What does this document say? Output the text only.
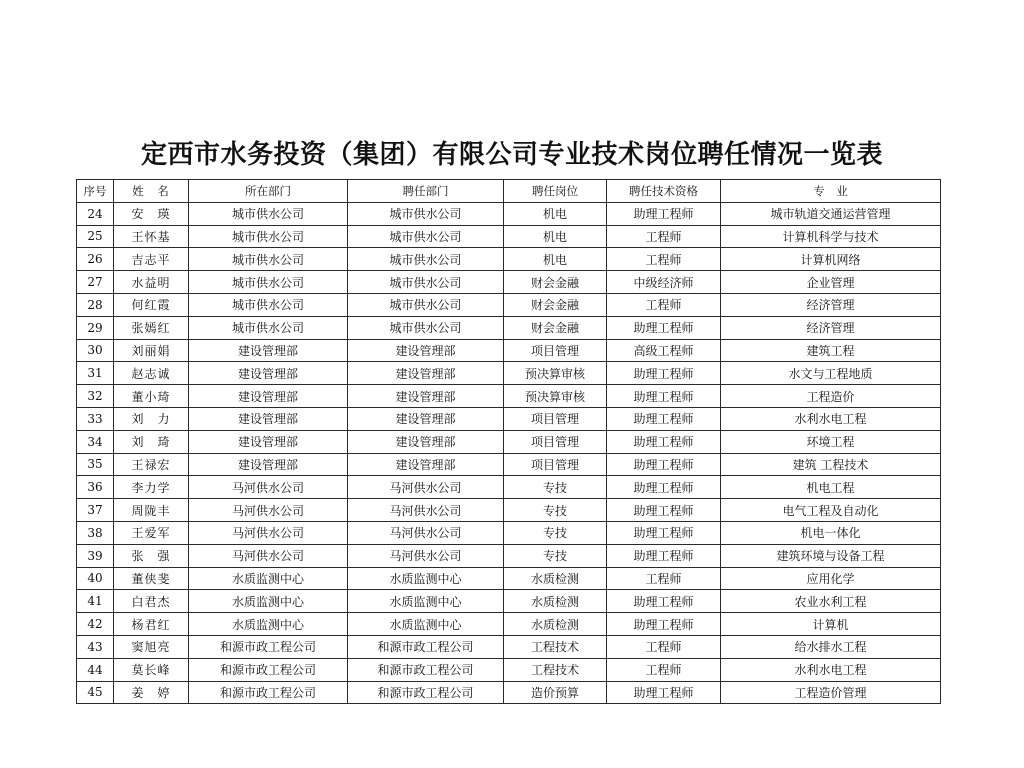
定西市水务投资（集团）有限公司专业技术岗位聘任情况一览表
序号	姓　名	所在部门	聘任部门	聘任岗位	聘任技术资格	专　业
24	安　瑛	城市供水公司	城市供水公司	机电	助理工程师	城市轨道交通运营管理
25	王怀基	城市供水公司	城市供水公司	机电	工程师	计算机科学与技术
26	吉志平	城市供水公司	城市供水公司	机电	工程师	计算机网络
27	水益明	城市供水公司	城市供水公司	财会金融	中级经济师	企业管理
28	何红霞	城市供水公司	城市供水公司	财会金融	工程师	经济管理
29	张嫣红	城市供水公司	城市供水公司	财会金融	助理工程师	经济管理
30	刘丽娟	建设管理部	建设管理部	项目管理	高级工程师	建筑工程
31	赵志诚	建设管理部	建设管理部	预决算审核	助理工程师	水文与工程地质
32	董小琦	建设管理部	建设管理部	预决算审核	助理工程师	工程造价
33	刘　力	建设管理部	建设管理部	项目管理	助理工程师	水利水电工程
34	刘　琦	建设管理部	建设管理部	项目管理	助理工程师	环境工程
35	王禄宏	建设管理部	建设管理部	项目管理	助理工程师	建筑 工程技术
36	李力学	马河供水公司	马河供水公司	专技	助理工程师	机电工程
37	周陇丰	马河供水公司	马河供水公司	专技	助理工程师	电气工程及自动化
38	王爱军	马河供水公司	马河供水公司	专技	助理工程师	机电一体化
39	张　强	马河供水公司	马河供水公司	专技	助理工程师	建筑环境与设备工程
40	董侠斐	水质监测中心	水质监测中心	水质检测	工程师	应用化学
41	白君杰	水质监测中心	水质监测中心	水质检测	助理工程师	农业水利工程
42	杨君红	水质监测中心	水质监测中心	水质检测	助理工程师	计算机
43	窦旭亮	和源市政工程公司	和源市政工程公司	工程技术	工程师	给水排水工程
44	莫长峰	和源市政工程公司	和源市政工程公司	工程技术	工程师	水利水电工程
45	姜　婷	和源市政工程公司	和源市政工程公司	造价预算	助理工程师	工程造价管理
